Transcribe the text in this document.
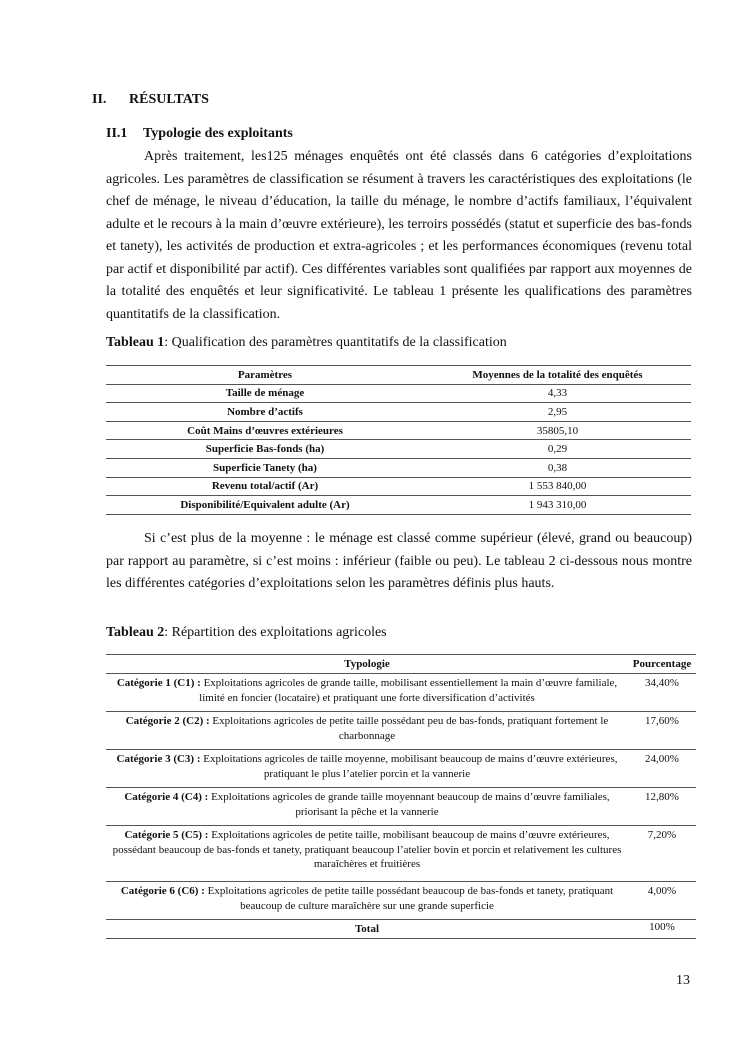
II. RÉSULTATS
II.1 Typologie des exploitants

Après traitement, les125 ménages enquêtés ont été classés dans 6 catégories d’exploitations agricoles. Les paramètres de classification se résument à travers les caractéristiques des exploitations (le chef de ménage, le niveau d’éducation, la taille du ménage, le nombre d’actifs familiaux, l’équivalent adulte et le recours à la main d’œuvre extérieure), les terroirs possédés (statut et superficie des bas-fonds et tanety), les activités de production et extra-agricoles ; et les performances économiques (revenu total par actif et disponibilité par actif). Ces différentes variables sont qualifiées par rapport aux moyennes de la totalité des enquêtés et leur significativité. Le tableau 1 présente les qualifications des paramètres quantitatifs de la classification.

Tableau 1: Qualification des paramètres quantitatifs de la classification
Paramètres	Moyennes de la totalité des enquêtés
Taille de ménage	4,33
Nombre d’actifs	2,95
Coût Mains d’œuvres extérieures	35805,10
Superficie Bas-fonds (ha)	0,29
Superficie Tanety (ha)	0,38
Revenu total/actif (Ar)	1 553 840,00
Disponibilité/Equivalent adulte (Ar)	1 943 310,00

Si c’est plus de la moyenne : le ménage est classé comme supérieur (élevé, grand ou beaucoup) par rapport au paramètre, si c’est moins : inférieur (faible ou peu). Le tableau 2 ci-dessous nous montre les différentes catégories d’exploitations selon les paramètres définis plus hauts.

Tableau 2: Répartition des exploitations agricoles
Typologie	Pourcentage
Catégorie 1 (C1) : Exploitations agricoles de grande taille, mobilisant essentiellement la main d’œuvre familiale, limité en foncier (locataire) et pratiquant une forte diversification d’activités	34,40%
Catégorie 2 (C2) : Exploitations agricoles de petite taille possédant peu de bas-fonds, pratiquant fortement le charbonnage	17,60%
Catégorie 3 (C3) : Exploitations agricoles de taille moyenne, mobilisant beaucoup de mains d’œuvre extérieures, pratiquant le plus l’atelier porcin et la vannerie	24,00%
Catégorie 4 (C4) : Exploitations agricoles de grande taille moyennant beaucoup de mains d’œuvre familiales, priorisant la pêche et la vannerie	12,80%
Catégorie 5 (C5) : Exploitations agricoles de petite taille, mobilisant beaucoup de mains d’œuvre extérieures, possédant beaucoup de bas-fonds et tanety, pratiquant beaucoup l’atelier bovin et porcin et relativement les cultures maraîchères et fruitières	7,20%
Catégorie 6 (C6) : Exploitations agricoles de petite taille possédant beaucoup de bas-fonds et tanety, pratiquant beaucoup de culture maraîchère sur une grande superficie	4,00%
Total	100%
13
